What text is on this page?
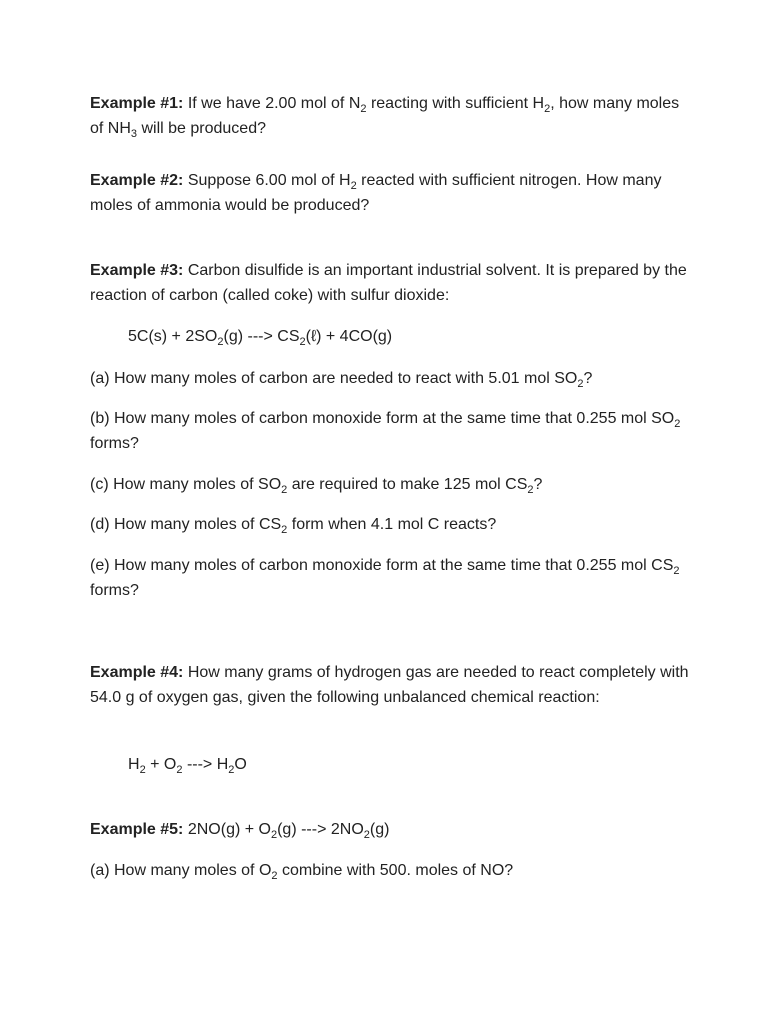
Example #1: If we have 2.00 mol of $N_2$ reacting with sufficient $H_2$, how many moles of $NH_3$ will be produced?

Example #2: Suppose 6.00 mol of $H_2$ reacted with sufficient nitrogen. How many moles of ammonia would be produced?

Example #3: Carbon disulfide is an important industrial solvent. It is prepared by the reaction of carbon (called coke) with sulfur dioxide:

$5C(s) + 2SO_2(g)$ ---> $CS_2(\ell) + 4CO(g)$

(a) How many moles of carbon are needed to react with 5.01 mol $SO_2$?

(b) How many moles of carbon monoxide form at the same time that 0.255 mol $SO_2$ forms?

(c) How many moles of $SO_2$ are required to make 125 mol $CS_2$?

(d) How many moles of $CS_2$ form when 4.1 mol C reacts?

(e) How many moles of carbon monoxide form at the same time that 0.255 mol $CS_2$ forms?

Example #4: How many grams of hydrogen gas are needed to react completely with 54.0 g of oxygen gas, given the following unbalanced chemical reaction:

$H_2 + O_2$ ---> $H_2O$

Example #5: $2NO(g) + O_2(g)$ ---> $2NO_2(g)$

(a) How many moles of $O_2$ combine with 500. moles of NO?
